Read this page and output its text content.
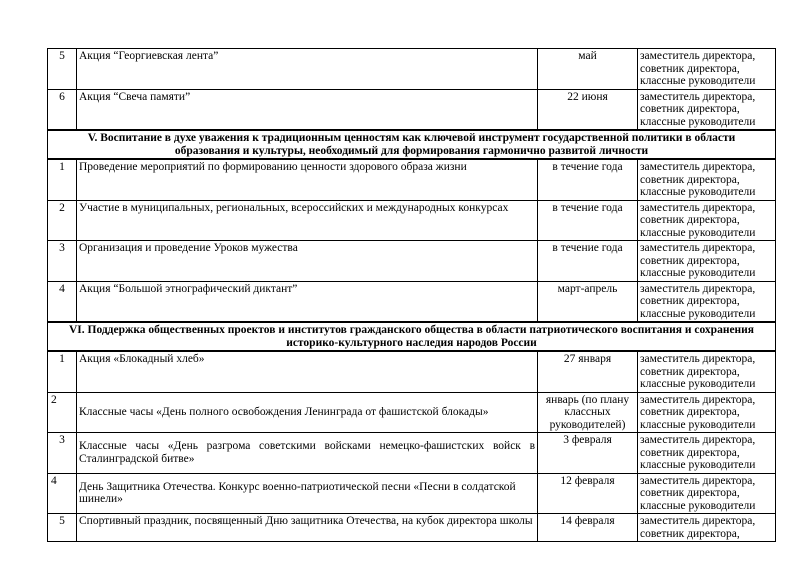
5	Акция “Георгиевская лента”	май	заместитель директора, советник директора, классные руководители
6	Акция “Свеча памяти”	22 июня	заместитель директора, советник директора, классные руководители
V. Воспитание в духе уважения к традиционным ценностям как ключевой инструмент государственной политики в области образования и культуры, необходимый для формирования гармонично развитой личности			
1	Проведение мероприятий по формированию ценности здорового образа жизни	в течение года	заместитель директора, советник директора, классные руководители
2	Участие в муниципальных, региональных, всероссийских и международных конкурсах	в течение года	заместитель директора, советник директора, классные руководители
3	Организация и проведение Уроков мужества	в течение года	заместитель директора, советник директора, классные руководители
4	Акция “Большой этнографический диктант”	март-апрель	заместитель директора, советник директора, классные руководители
VI. Поддержка общественных проектов и институтов гражданского общества в области патриотического воспитания и сохранения историко-культурного наследия народов России			
1	Акция «Блокадный хлеб»	27 января	заместитель директора, советник директора, классные руководители
2	Классные часы «День полного освобождения Ленинграда от фашистской блокады»	январь (по плану классных руководителей)	заместитель директора, советник директора, классные руководители
3	Классные часы «День разгрома советскими войсками немецко-фашистских войск в Сталинградской битве»	3 февраля	заместитель директора, советник директора, классные руководители
4	День Защитника Отечества. Конкурс военно-патриотической песни «Песни в солдатской шинели»	12 февраля	заместитель директора, советник директора, классные руководители
5	Спортивный праздник, посвященный Дню защитника Отечества, на кубок директора школы	14 февраля	заместитель директора, советник директора,
